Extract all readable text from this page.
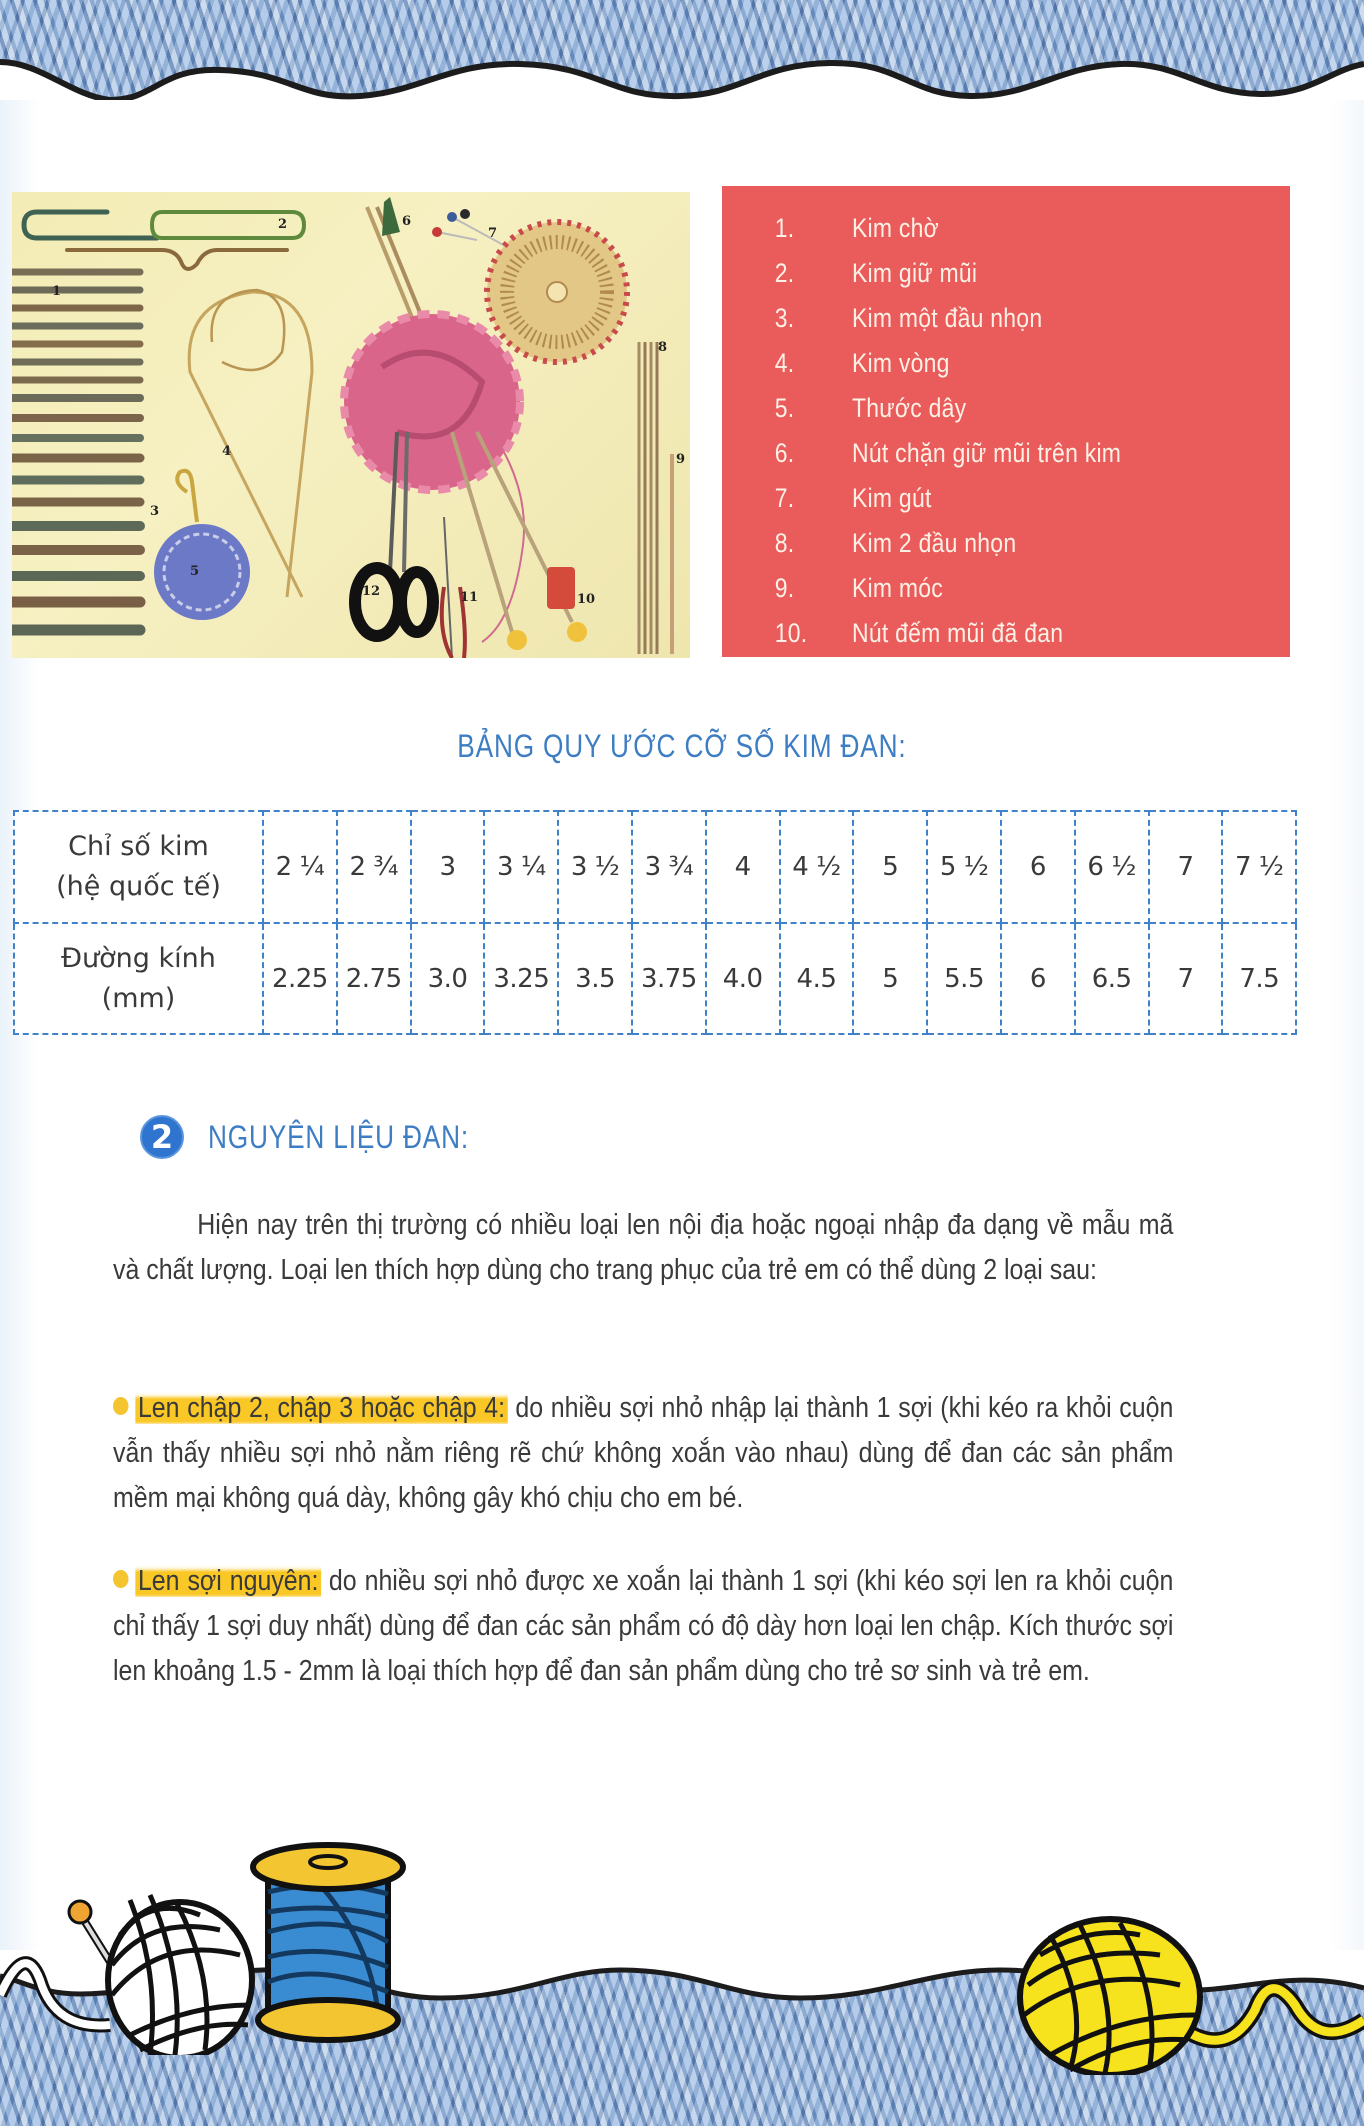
1
2
3
4
5
6
7
8
9
10
11
12
1.	Kim chờ
2.	Kim giữ mũi
3.	Kim một đầu nhọn
4.	Kim vòng
5.	Thước dây
6.	Nút chặn giữ mũi trên kim
7.	Kim gút
8.	Kim 2 đầu nhọn
9.	Kim móc
10.	Nút đếm mũi đã đan
BẢNG QUY ƯỚC CỠ SỐ KIM ĐAN:
Chỉ số kim
(hệ quốc tế)	2 ¼	2 ¾	3	3 ¼	3 ½	3 ¾	4	4 ½	5	5 ½	6	6 ½	7	7 ½

Đường kính
(mm)	2.25	2.75	3.0	3.25	3.5	3.75	4.0	4.5	5	5.5	6	6.5	7	7.5
2	NGUYÊN LIỆU ĐAN:
Hiện nay trên thị trường có nhiều loại len nội địa hoặc ngoại nhập đa dạng về mẫu mã và chất lượng. Loại len thích hợp dùng cho trang phục của trẻ em có thể dùng 2 loại sau:
Len chập 2, chập 3 hoặc chập 4: do nhiều sợi nhỏ nhập lại thành 1 sợi (khi kéo ra khỏi cuộn vẫn thấy nhiều sợi nhỏ nằm riêng rẽ chứ không xoắn vào nhau) dùng để đan các sản phẩm mềm mại không quá dày, không gây khó chịu cho em bé.
Len sợi nguyên: do nhiều sợi nhỏ được xe xoắn lại thành 1 sợi (khi kéo sợi len ra khỏi cuộn chỉ thấy 1 sợi duy nhất) dùng để đan các sản phẩm có độ dày hơn loại len chập. Kích thước sợi len khoảng 1.5 - 2mm là loại thích hợp để đan sản phẩm dùng cho trẻ sơ sinh và trẻ em.
